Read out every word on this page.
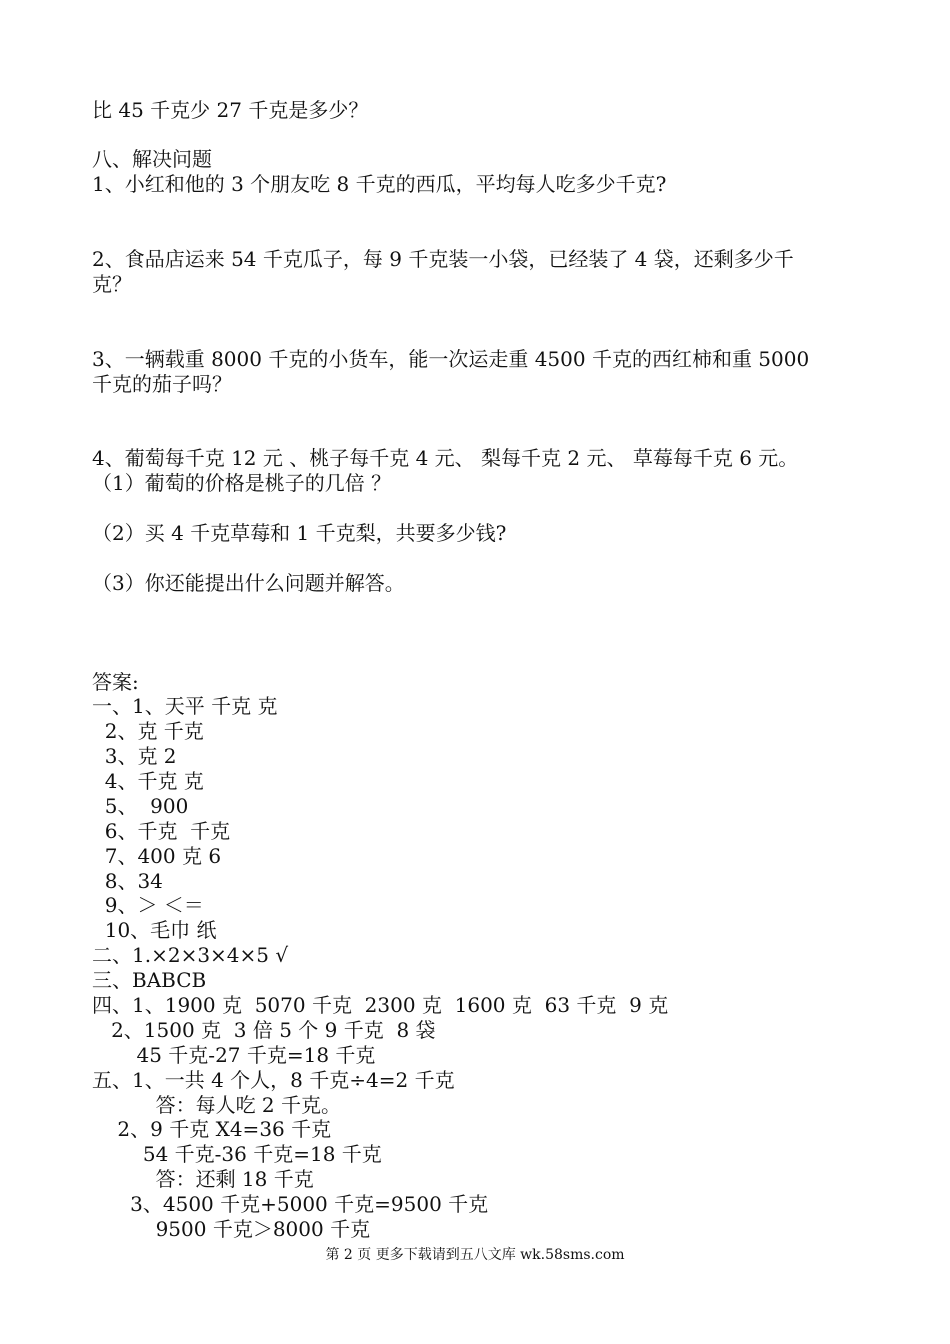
比 45 千克少 27 千克是多少？
八、解决问题
1、小红和他的 3 个朋友吃 8 千克的西瓜，平均每人吃多少千克?
2、食品店运来 54 千克瓜子，每 9 千克装一小袋，已经装了 4 袋，还剩多少千
克？
3、一辆载重 8000 千克的小货车，能一次运走重 4500 千克的西红柿和重 5000
千克的茄子吗？
4、葡萄每千克 12 元 、桃子每千克 4 元、 梨每千克 2 元、 草莓每千克 6 元。
（1）葡萄的价格是桃子的几倍 ？
（2）买 4 千克草莓和 1 千克梨，共要多少钱?
（3）你还能提出什么问题并解答。
答案:
一、1、天平 千克 克
2、克 千克
3、克 2
4、千克 克
5、  900
6、千克  千克
7、400 克 6
8、34
9、＞ ＜＝
10、毛巾 纸
二、1.×2×3×4×5 √
三、BABCB
四、1、1900 克  5070 千克  2300 克  1600 克  63 千克  9 克
2、1500 克  3 倍 5 个 9 千克  8 袋
45 千克-27 千克=18 千克
五、1、一共 4 个人，8 千克÷4=2 千克
答：每人吃 2 千克。
2、9 千克 X4=36 千克
54 千克-36 千克=18 千克
答：还剩 18 千克
3、4500 千克+5000 千克=9500 千克
9500 千克＞8000 千克
第 2 页 更多下载请到五八文库 wk.58sms.com
